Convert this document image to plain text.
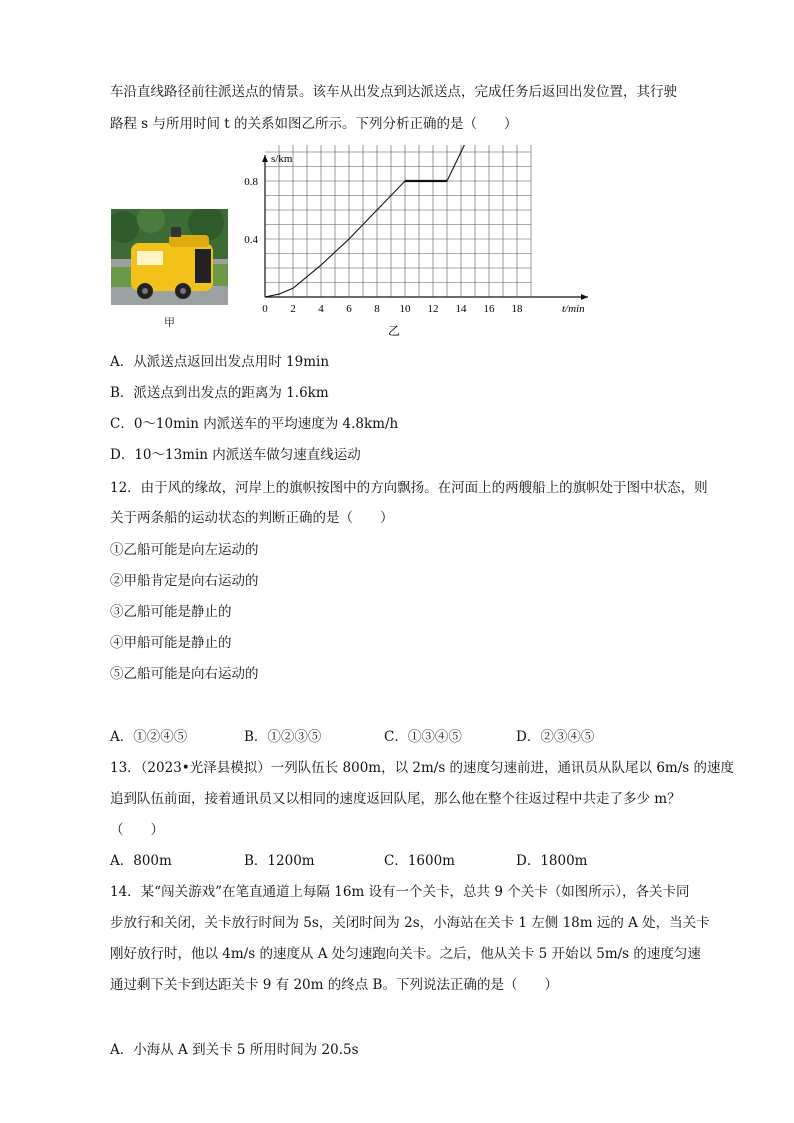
车沿直线路径前往派送点的情景。该车从出发点到达派送点，完成任务后返回出发位置，其行驶
路程 s 与所用时间 t 的关系如图乙所示。下列分析正确的是（　　）
甲
0 2 4 6 8 10 12 14 16 18
0.4
0.8
s/km
t/min
乙
A．从派送点返回出发点用时 19min
B．派送点到出发点的距离为 1.6km
C．0～10min 内派送车的平均速度为 4.8km/h
D．10～13min 内派送车做匀速直线运动
12．由于风的缘故，河岸上的旗帜按图中的方向飘扬。在河面上的两艘船上的旗帜处于图中状态，则
关于两条船的运动状态的判断正确的是（　　）
①乙船可能是向左运动的
②甲船肯定是向右运动的
③乙船可能是静止的
④甲船可能是静止的
⑤乙船可能是向右运动的
A．①②④⑤	B．①②③⑤	C．①③④⑤	D．②③④⑤
13．（2023•光泽县模拟）一列队伍长 800m，以 2m/s 的速度匀速前进，通讯员从队尾以 6m/s 的速度
追到队伍前面，接着通讯员又以相同的速度返回队尾，那么他在整个往返过程中共走了多少 m？
（　　）
A．800m	B．1200m	C．1600m	D．1800m
14．某“闯关游戏”在笔直通道上每隔 16m 设有一个关卡，总共 9 个关卡（如图所示），各关卡同
步放行和关闭，关卡放行时间为 5s，关闭时间为 2s，小海站在关卡 1 左侧 18m 远的 A 处，当关卡
刚好放行时，他以 4m/s 的速度从 A 处匀速跑向关卡。之后，他从关卡 5 开始以 5m/s 的速度匀速
通过剩下关卡到达距关卡 9 有 20m 的终点 B。下列说法正确的是（　　）
A．小海从 A 到关卡 5 所用时间为 20.5s
